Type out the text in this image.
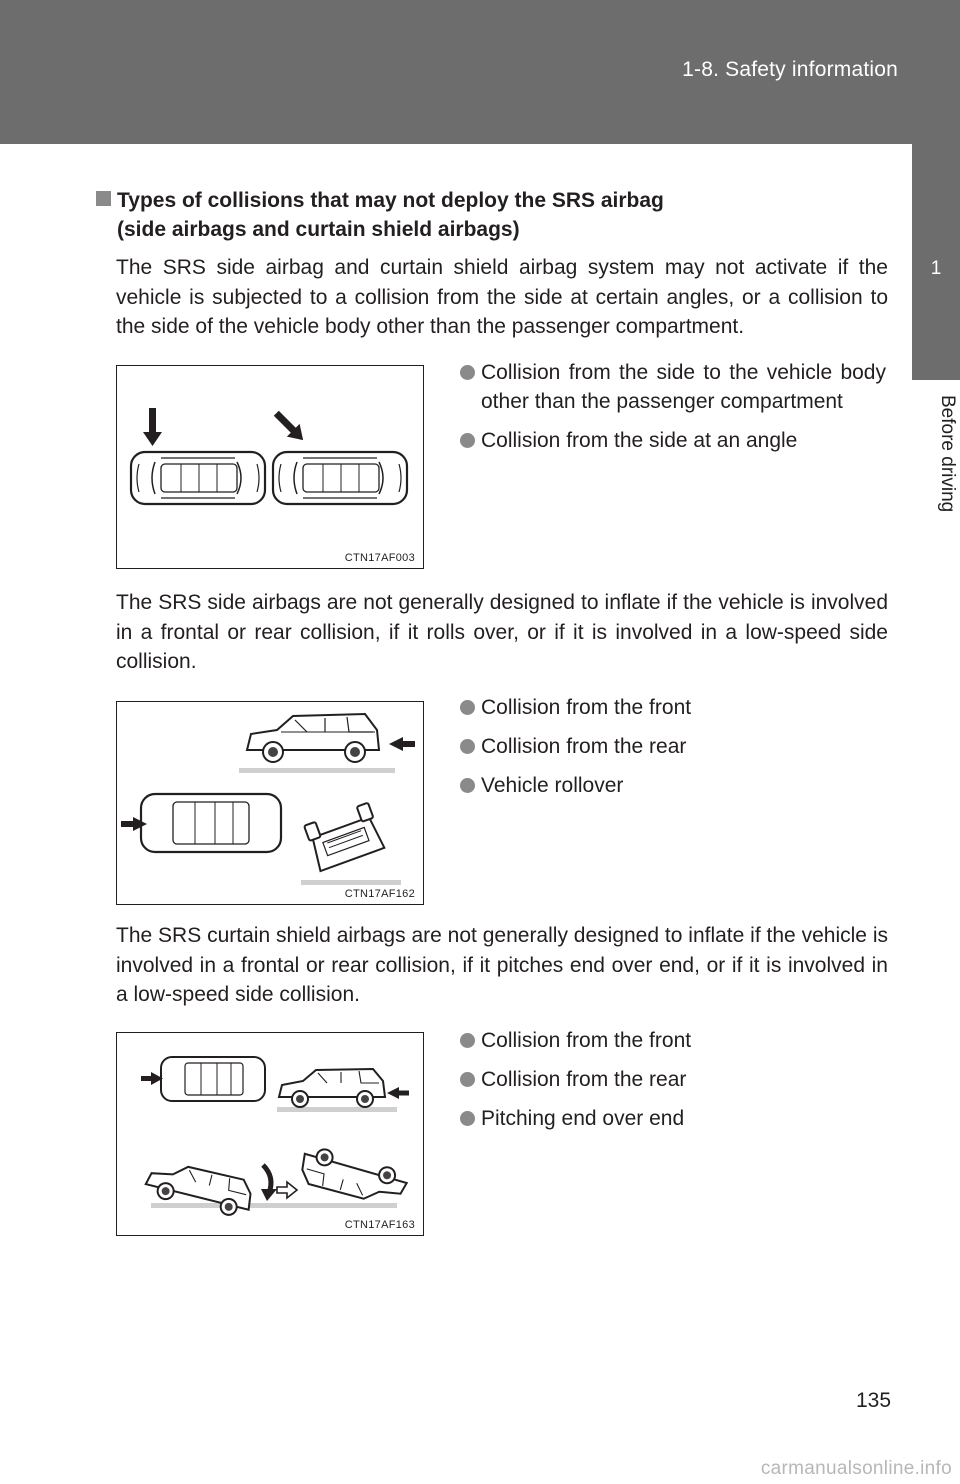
1-8. Safety information
1
Before driving
Types of collisions that may not deploy the SRS airbag
(side airbags and curtain shield airbags)
The SRS side airbag and curtain shield airbag system may not activate if the vehicle is subjected to a collision from the side at certain angles, or a collision to the side of the vehicle body other than the passenger compartment.
CTN17AF003
Collision from the side to the vehicle body other than the passenger compartment
Collision from the side at an angle
The SRS side airbags are not generally designed to inflate if the vehicle is involved in a frontal or rear collision, if it rolls over, or if it is involved in a low-speed side collision.
CTN17AF162
Collision from the front
Collision from the rear
Vehicle rollover
The SRS curtain shield airbags are not generally designed to inflate if the vehicle is involved in a frontal or rear collision, if it pitches end over end, or if it is involved in a low-speed side collision.
CTN17AF163
Collision from the front
Collision from the rear
Pitching end over end
135
carmanualsonline.info
